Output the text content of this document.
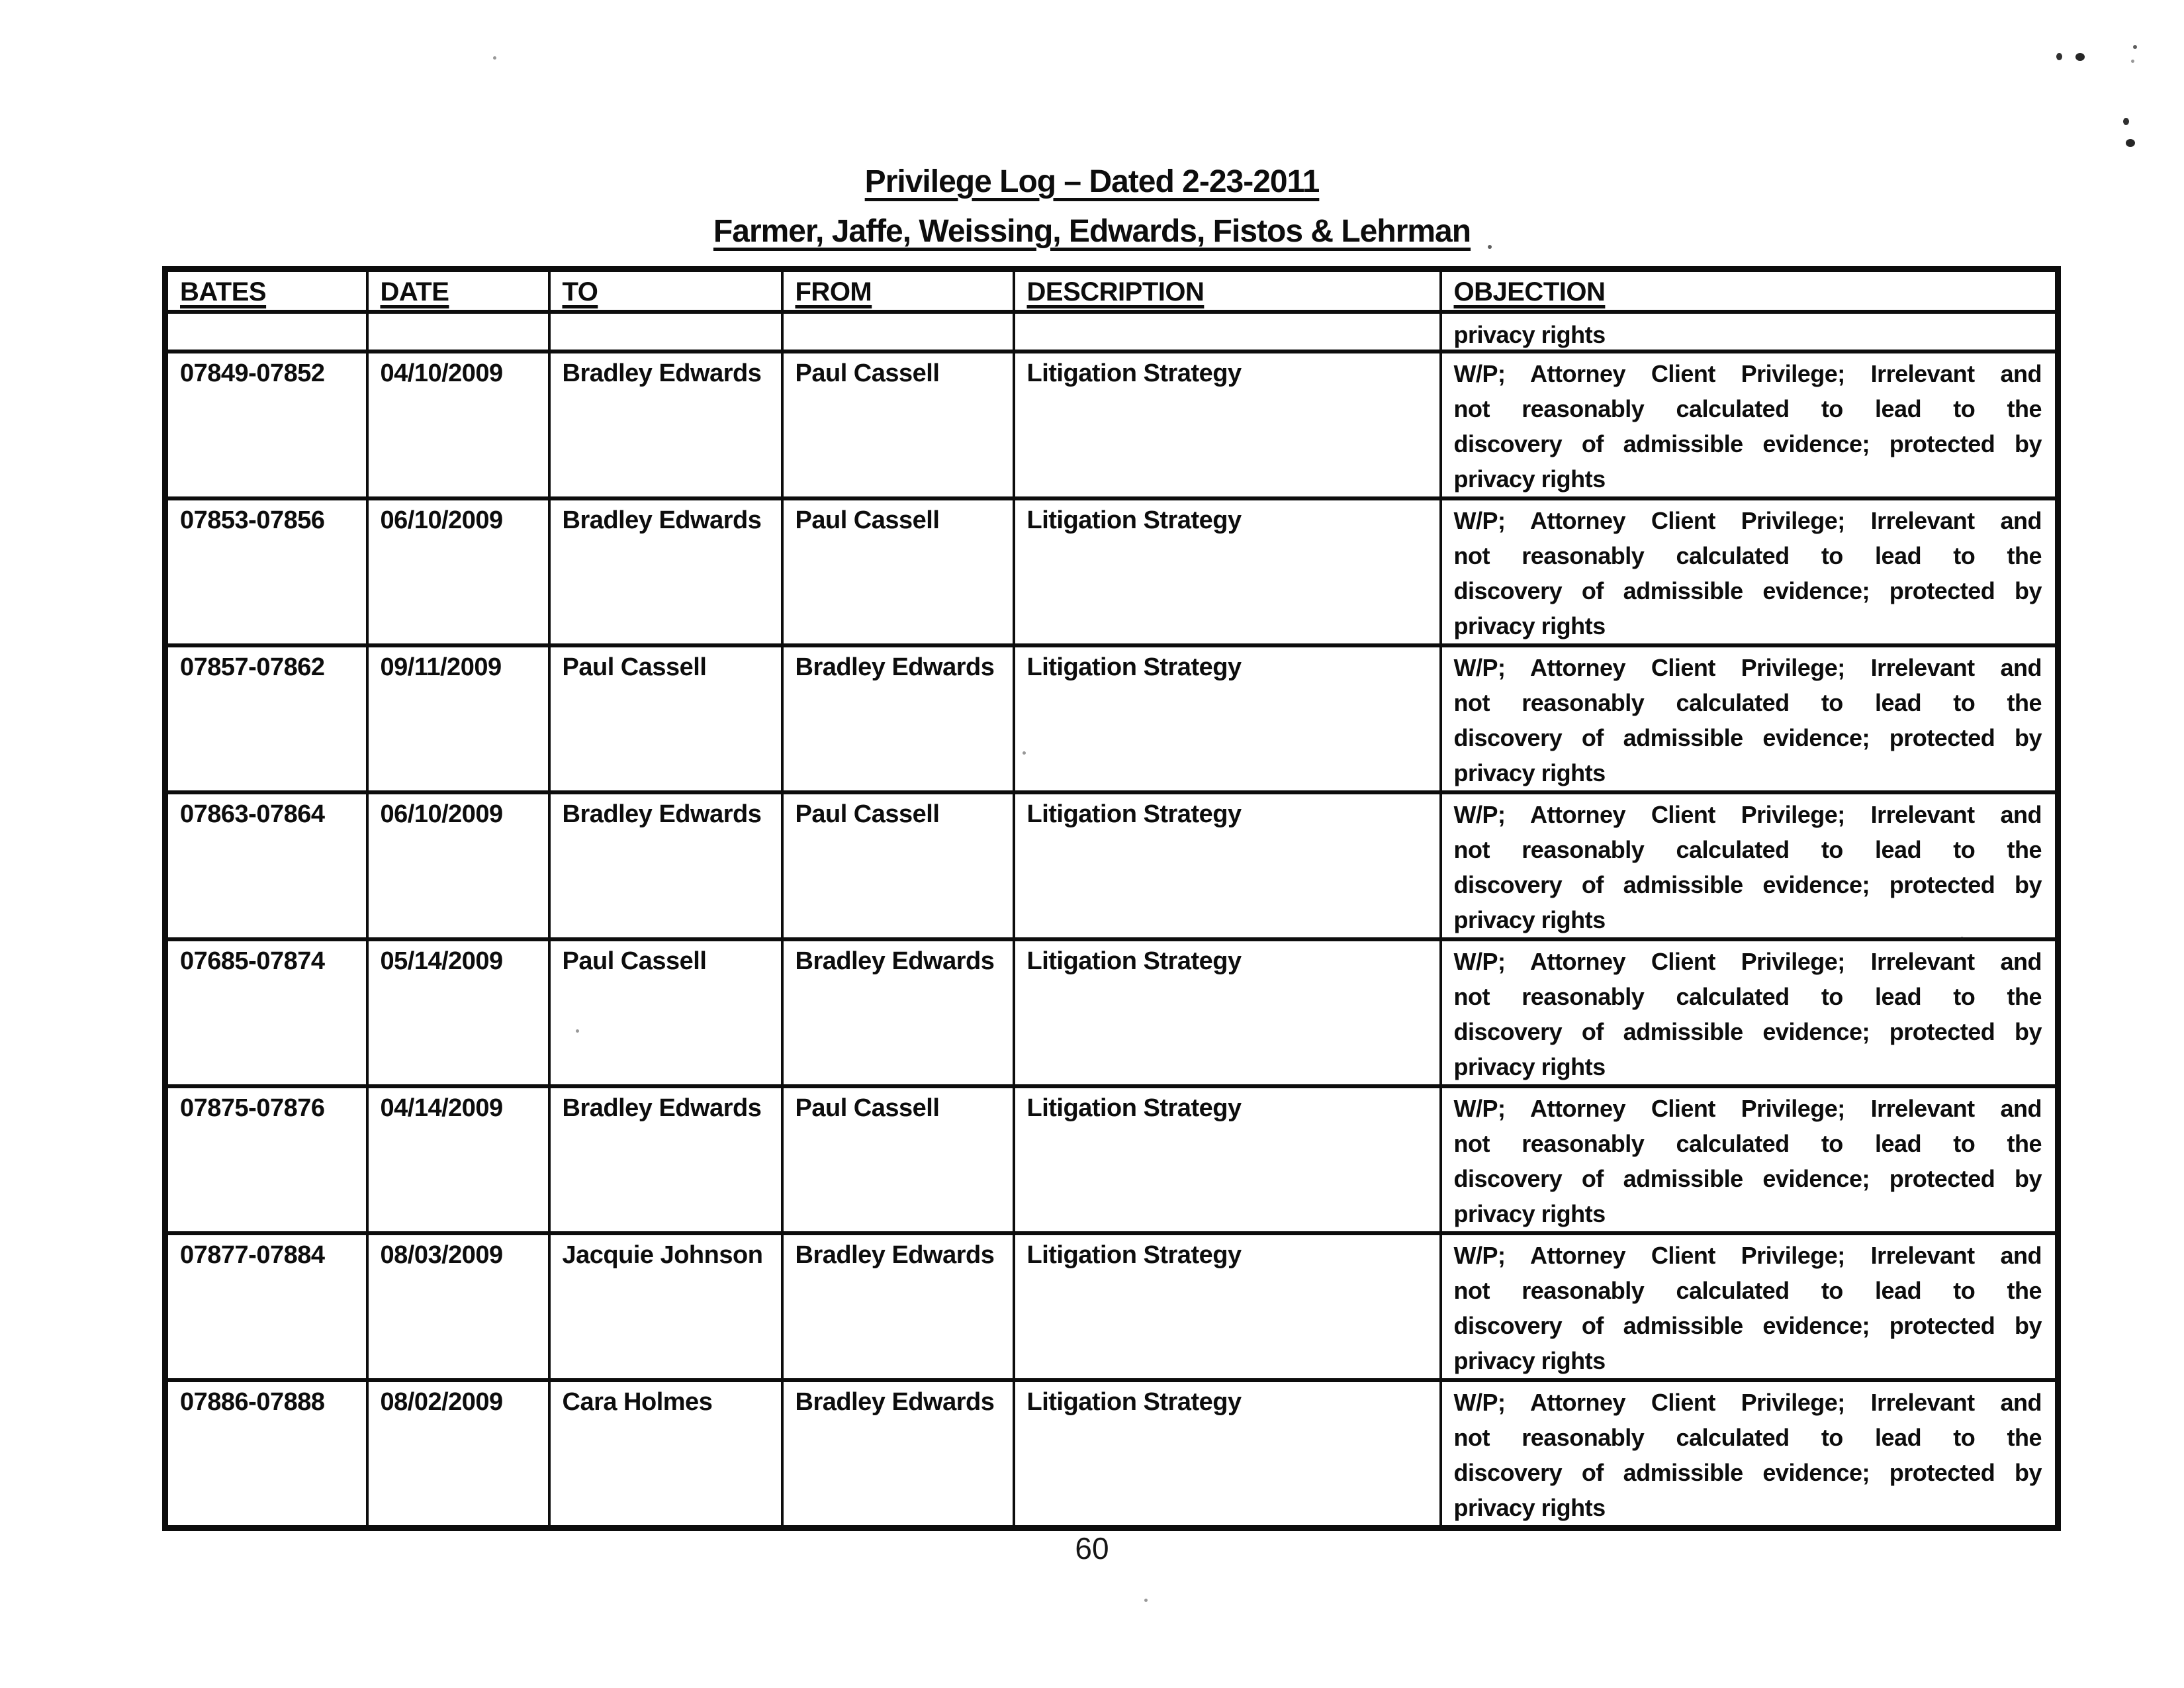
Privilege Log – Dated 2-23-2011
Farmer, Jaffe, Weissing, Edwards, Fistos & Lehrman
BATES	DATE	TO	FROM	DESCRIPTION	OBJECTION

					privacy rights

07849-07852	04/10/2009	Bradley Edwards	Paul Cassell	Litigation Strategy	W/P; Attorney Client Privilege; Irrelevant and
not reasonably calculated to lead to the
discovery of admissible evidence; protected by
privacy rights

07853-07856	06/10/2009	Bradley Edwards	Paul Cassell	Litigation Strategy	W/P; Attorney Client Privilege; Irrelevant and
not reasonably calculated to lead to the
discovery of admissible evidence; protected by
privacy rights

07857-07862	09/11/2009	Paul Cassell	Bradley Edwards	Litigation Strategy	W/P; Attorney Client Privilege; Irrelevant and
not reasonably calculated to lead to the
discovery of admissible evidence; protected by
privacy rights

07863-07864	06/10/2009	Bradley Edwards	Paul Cassell	Litigation Strategy	W/P; Attorney Client Privilege; Irrelevant and
not reasonably calculated to lead to the
discovery of admissible evidence; protected by
privacy rights

07685-07874	05/14/2009	Paul Cassell	Bradley Edwards	Litigation Strategy	W/P; Attorney Client Privilege; Irrelevant and
not reasonably calculated to lead to the
discovery of admissible evidence; protected by
privacy rights

07875-07876	04/14/2009	Bradley Edwards	Paul Cassell	Litigation Strategy	W/P; Attorney Client Privilege; Irrelevant and
not reasonably calculated to lead to the
discovery of admissible evidence; protected by
privacy rights

07877-07884	08/03/2009	Jacquie Johnson	Bradley Edwards	Litigation Strategy	W/P; Attorney Client Privilege; Irrelevant and
not reasonably calculated to lead to the
discovery of admissible evidence; protected by
privacy rights

07886-07888	08/02/2009	Cara Holmes	Bradley Edwards	Litigation Strategy	W/P; Attorney Client Privilege; Irrelevant and
not reasonably calculated to lead to the
discovery of admissible evidence; protected by
privacy rights
60
